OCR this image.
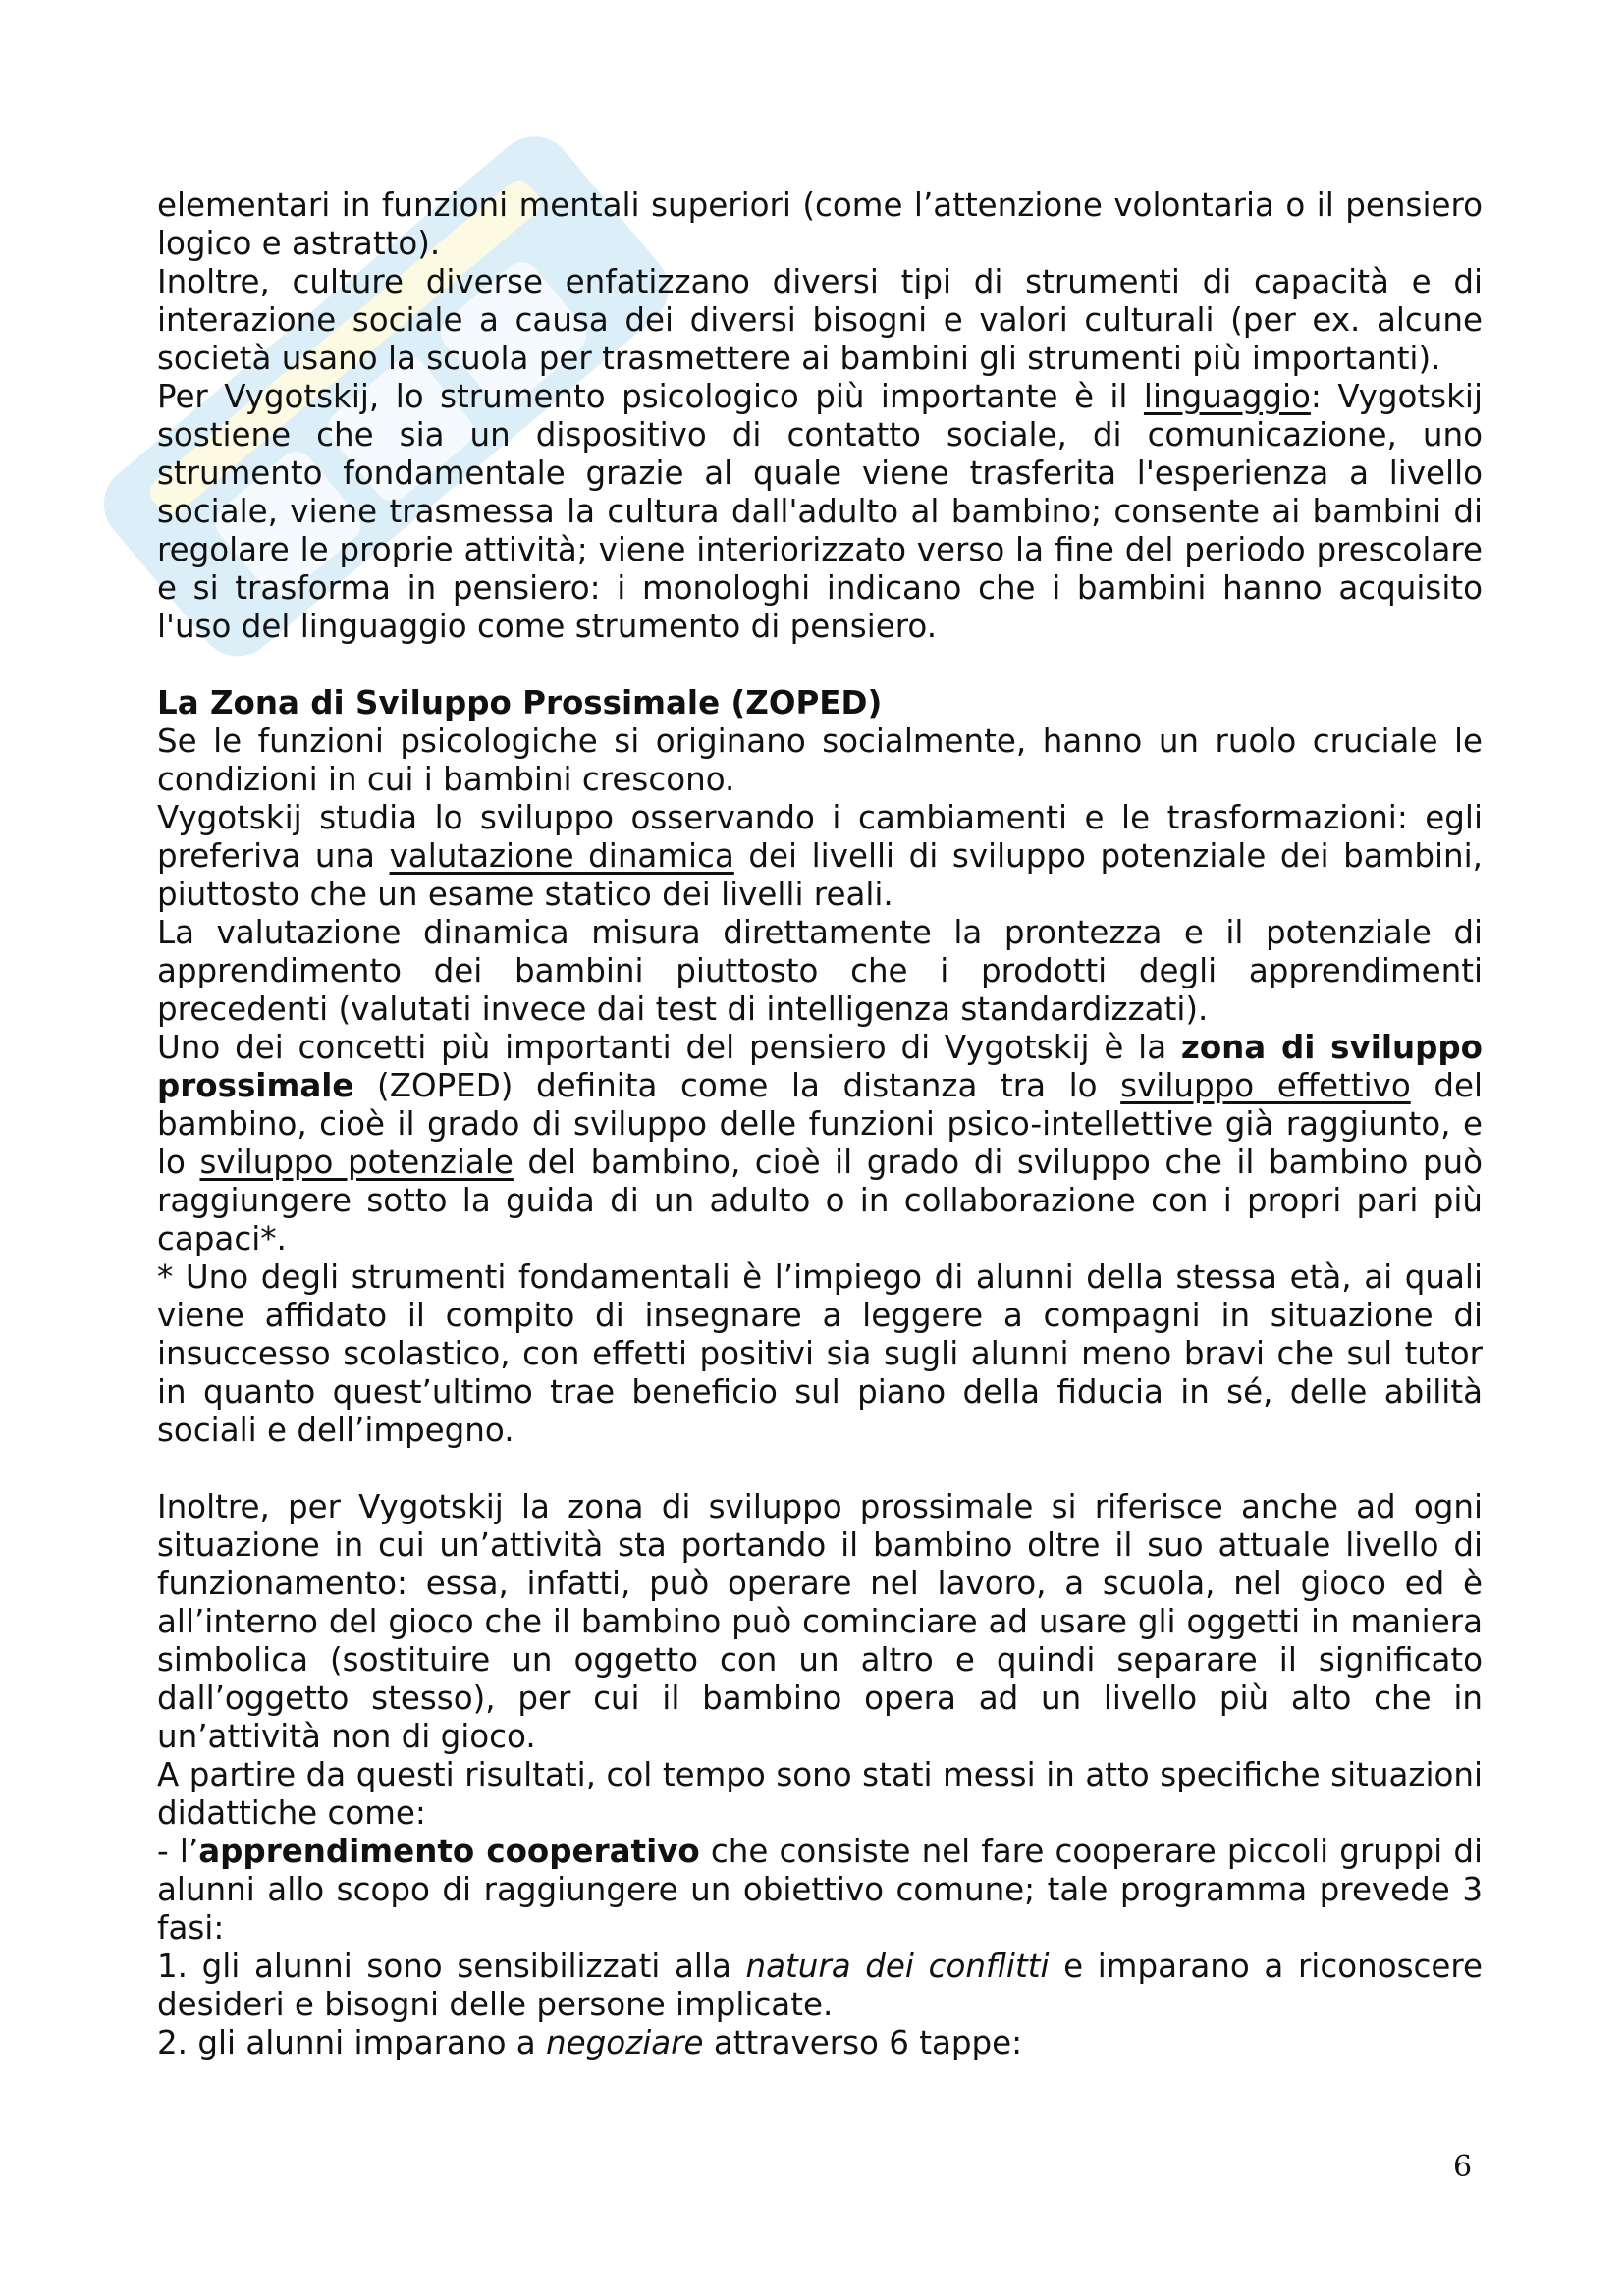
elementari in funzioni mentali superiori (come l’attenzione volontaria o il pensiero logico e astratto).

Inoltre, culture diverse enfatizzano diversi tipi di strumenti di capacità e di interazione sociale a causa dei diversi bisogni e valori culturali (per ex. alcune società usano la scuola per trasmettere ai bambini gli strumenti più importanti).

Per Vygotskij, lo strumento psicologico più importante è il linguaggio: Vygotskij sostiene che sia un dispositivo di contatto sociale, di comunicazione, uno strumento fondamentale grazie al quale viene trasferita l'esperienza a livello sociale, viene trasmessa la cultura dall'adulto al bambino; consente ai bambini di regolare le proprie attività; viene interiorizzato verso la fine del periodo prescolare e si trasforma in pensiero: i monologhi indicano che i bambini hanno acquisito l'uso del linguaggio come strumento di pensiero.

La Zona di Sviluppo Prossimale (ZOPED)

Se le funzioni psicologiche si originano socialmente, hanno un ruolo cruciale le condizioni in cui i bambini crescono.

Vygotskij studia lo sviluppo osservando i cambiamenti e le trasformazioni: egli preferiva una valutazione dinamica dei livelli di sviluppo potenziale dei bambini, piuttosto che un esame statico dei livelli reali.

La valutazione dinamica misura direttamente la prontezza e il potenziale di apprendimento dei bambini piuttosto che i prodotti degli apprendimenti precedenti (valutati invece dai test di intelligenza standardizzati).

Uno dei concetti più importanti del pensiero di Vygotskij è la zona di sviluppo prossimale (ZOPED) definita come la distanza tra lo sviluppo effettivo del bambino, cioè il grado di sviluppo delle funzioni psico-intellettive già raggiunto, e lo sviluppo potenziale del bambino, cioè il grado di sviluppo che il bambino può raggiungere sotto la guida di un adulto o in collaborazione con i propri pari più capaci*.

* Uno degli strumenti fondamentali è l’impiego di alunni della stessa età, ai quali viene affidato il compito di insegnare a leggere a compagni in situazione di insuccesso scolastico, con effetti positivi sia sugli alunni meno bravi che sul tutor in quanto quest’ultimo trae beneficio sul piano della fiducia in sé, delle abilità sociali e dell’impegno.

Inoltre, per Vygotskij la zona di sviluppo prossimale si riferisce anche ad ogni situazione in cui un’attività sta portando il bambino oltre il suo attuale livello di funzionamento: essa, infatti, può operare nel lavoro, a scuola, nel gioco ed è all’interno del gioco che il bambino può cominciare ad usare gli oggetti in maniera simbolica (sostituire un oggetto con un altro e quindi separare il significato dall’oggetto stesso), per cui il bambino opera ad un livello più alto che in un’attività non di gioco.

A partire da questi risultati, col tempo sono stati messi in atto specifiche situazioni didattiche come:

- l’apprendimento cooperativo che consiste nel fare cooperare piccoli gruppi di alunni allo scopo di raggiungere un obiettivo comune; tale programma prevede 3 fasi:

1. gli alunni sono sensibilizzati alla natura dei conflitti e imparano a riconoscere desideri e bisogni delle persone implicate.

2. gli alunni imparano a negoziare attraverso 6 tappe:

6
